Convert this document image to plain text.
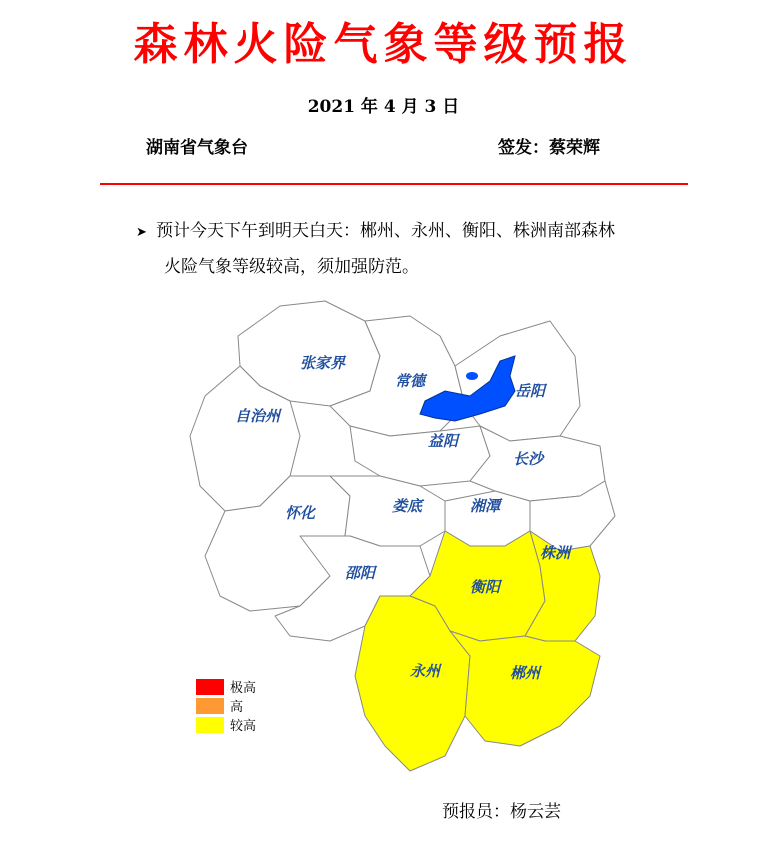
森林火险气象等级预报
2021 年 4 月 3 日
湖南省气象台	签发：蔡荣辉
➤ 预计今天下午到明天白天：郴州、永州、衡阳、株洲南部森林
火险气象等级较高，须加强防范。
张家界
常德
岳阳
自治州
益阳
长沙
娄底	湘潭
怀化
株洲
邵阳
衡阳
永州	郴州
极高
高
较高
预报员：杨云芸
